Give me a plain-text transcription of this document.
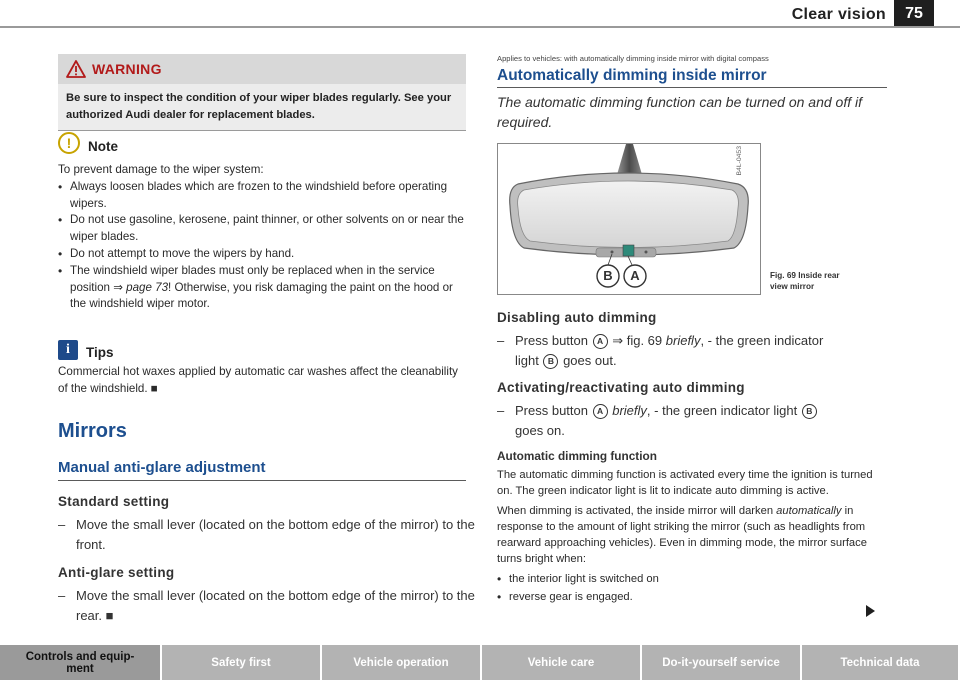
Clear vision	75
WARNING
Be sure to inspect the condition of your wiper blades regularly. See your authorized Audi dealer for replacement blades.
!	Note
To prevent damage to the wiper system:
• Always loosen blades which are frozen to the windshield before operating wipers.
• Do not use gasoline, kerosene, paint thinner, or other solvents on or near the wiper blades.
• Do not attempt to move the wipers by hand.
• The windshield wiper blades must only be replaced when in the service position ⇒ page 73! Otherwise, you risk damaging the paint on the hood or the windshield wiper motor.
i	Tips
Commercial hot waxes applied by automatic car washes affect the cleanability of the windshield. ■
Mirrors
Manual anti-glare adjustment
Standard setting
– Move the small lever (located on the bottom edge of the mirror) to the front.
Anti-glare setting
– Move the small lever (located on the bottom edge of the mirror) to the rear. ■
Applies to vehicles: with automatically dimming inside mirror with digital compass
Automatically dimming inside mirror
The automatic dimming function can be turned on and off if required.
B A
B4L-0453
Fig. 69 Inside rear
view mirror
Disabling auto dimming
– Press button A ⇒ fig. 69 briefly, - the green indicator
light B goes out.
Activating/reactivating auto dimming
– Press button A briefly, - the green indicator light B
goes on.
Automatic dimming function
The automatic dimming function is activated every time the ignition is turned on. The green indicator light is lit to indicate auto dimming is active.
When dimming is activated, the inside mirror will darken automatically in response to the amount of light striking the mirror (such as headlights from rearward approaching vehicles). Even in dimming mode, the mirror surface turns bright when:
• the interior light is switched on
• reverse gear is engaged.
Controls and equip-
ment	Safety first	Vehicle operation	Vehicle care	Do-it-yourself service	Technical data
